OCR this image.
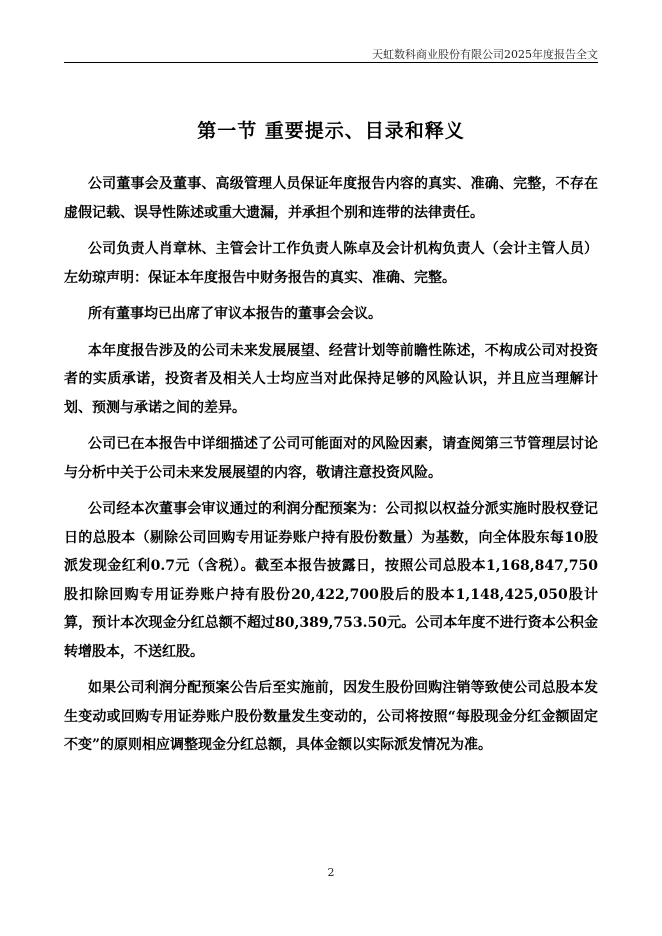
天虹数科商业股份有限公司2025年度报告全文
第一节 重要提示、目录和释义

公司董事会及董事、高级管理人员保证年度报告内容的真实、准确、完整，不存在虚假记载、误导性陈述或重大遗漏，并承担个别和连带的法律责任。

公司负责人肖章林、主管会计工作负责人陈卓及会计机构负责人（会计主管人员）左幼琼声明：保证本年度报告中财务报告的真实、准确、完整。

所有董事均已出席了审议本报告的董事会会议。

本年度报告涉及的公司未来发展展望、经营计划等前瞻性陈述，不构成公司对投资者的实质承诺，投资者及相关人士均应当对此保持足够的风险认识，并且应当理解计划、预测与承诺之间的差异。

公司已在本报告中详细描述了公司可能面对的风险因素，请查阅第三节管理层讨论与分析中关于公司未来发展展望的内容，敬请注意投资风险。

公司经本次董事会审议通过的利润分配预案为：公司拟以权益分派实施时股权登记日的总股本（剔除公司回购专用证券账户持有股份数量）为基数，向全体股东每10股派发现金红利0.7元（含税）。截至本报告披露日，按照公司总股本1,168,847,750股扣除回购专用证券账户持有股份20,422,700股后的股本1,148,425,050股计算，预计本次现金分红总额不超过80,389,753.50元。公司本年度不进行资本公积金转增股本，不送红股。

如果公司利润分配预案公告后至实施前，因发生股份回购注销等致使公司总股本发生变动或回购专用证券账户股份数量发生变动的，公司将按照“每股现金分红金额固定不变”的原则相应调整现金分红总额，具体金额以实际派发情况为准。

2
